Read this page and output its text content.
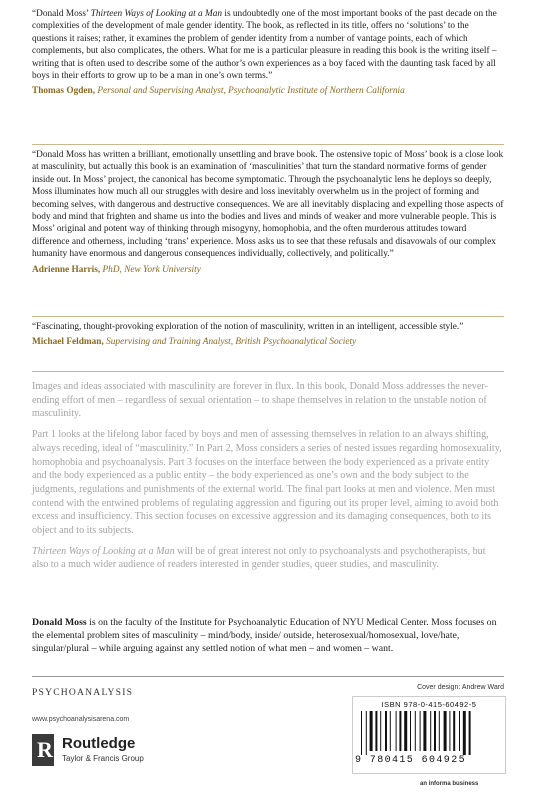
“Donald Moss’ Thirteen Ways of Looking at a Man is undoubtedly one of the most important books of the past decade on the complexities of the development of male gender identity. The book, as reflected in its title, offers no ‘solutions’ to the questions it raises; rather, it examines the problem of gender identity from a number of vantage points, each of which complements, but also complicates, the others. What for me is a particular pleasure in reading this book is the writing itself – writing that is often used to describe some of the author’s own experiences as a boy faced with the daunting task faced by all boys in their efforts to grow up to be a man in one’s own terms.”

Thomas Ogden, Personal and Supervising Analyst, Psychoanalytic Institute of Northern California

“Donald Moss has written a brilliant, emotionally unsettling and brave book. The ostensive topic of Moss’ book is a close look at masculinity, but actually this book is an examination of ‘masculinities’ that turn the standard normative forms of gender inside out. In Moss’ project, the canonical has become symptomatic. Through the psychoanalytic lens he deploys so deeply, Moss illuminates how much all our struggles with desire and loss inevitably overwhelm us in the project of forming and becoming selves, with dangerous and destructive consequences. We are all inevitably displacing and expelling those aspects of body and mind that frighten and shame us into the bodies and lives and minds of weaker and more vulnerable people. This is Moss’ original and potent way of thinking through misogyny, homophobia, and the often murderous attitudes toward difference and otherness, including ‘trans’ experience. Moss asks us to see that these refusals and disavowals of our complex humanity have enormous and dangerous consequences individually, collectively, and politically.”

Adrienne Harris, PhD, New York University

“Fascinating, thought-provoking exploration of the notion of masculinity, written in an intelligent, accessible style.”

Michael Feldman, Supervising and Training Analyst, British Psychoanalytical Society

Images and ideas associated with masculinity are forever in flux. In this book, Donald Moss addresses the never-ending effort of men – regardless of sexual orientation – to shape themselves in relation to the unstable notion of masculinity.

Part 1 looks at the lifelong labor faced by boys and men of assessing themselves in relation to an always shifting, always receding, ideal of “masculinity.” In Part 2, Moss considers a series of nested issues regarding homosexuality, homophobia and psychoanalysis. Part 3 focuses on the interface between the body experienced as a private entity and the body experienced as a public entity – the body experienced as one’s own and the body subject to the judgments, regulations and punishments of the external world. The final part looks at men and violence. Men must contend with the entwined problems of regulating aggression and figuring out its proper level, aiming to avoid both excess and insufficiency. This section focuses on excessive aggression and its damaging consequences, both to its object and to its subjects.

Thirteen Ways of Looking at a Man will be of great interest not only to psychoanalysts and psychotherapists, but also to a much wider audience of readers interested in gender studies, queer studies, and masculinity.

Donald Moss is on the faculty of the Institute for Psychoanalytic Education of NYU Medical Center. Moss focuses on the elemental problem sites of masculinity – mind/body, inside/ outside, heterosexual/homosexual, love/hate, singular/plural – while arguing against any settled notion of what men – and women – want.
PSYCHOANALYSIS
www.psychoanalysisarena.com
R Routledge
Taylor & Francis Group
Cover design: Andrew Ward
ISBN 978-0-415-60492-5
9 780415 604925
an informa business
